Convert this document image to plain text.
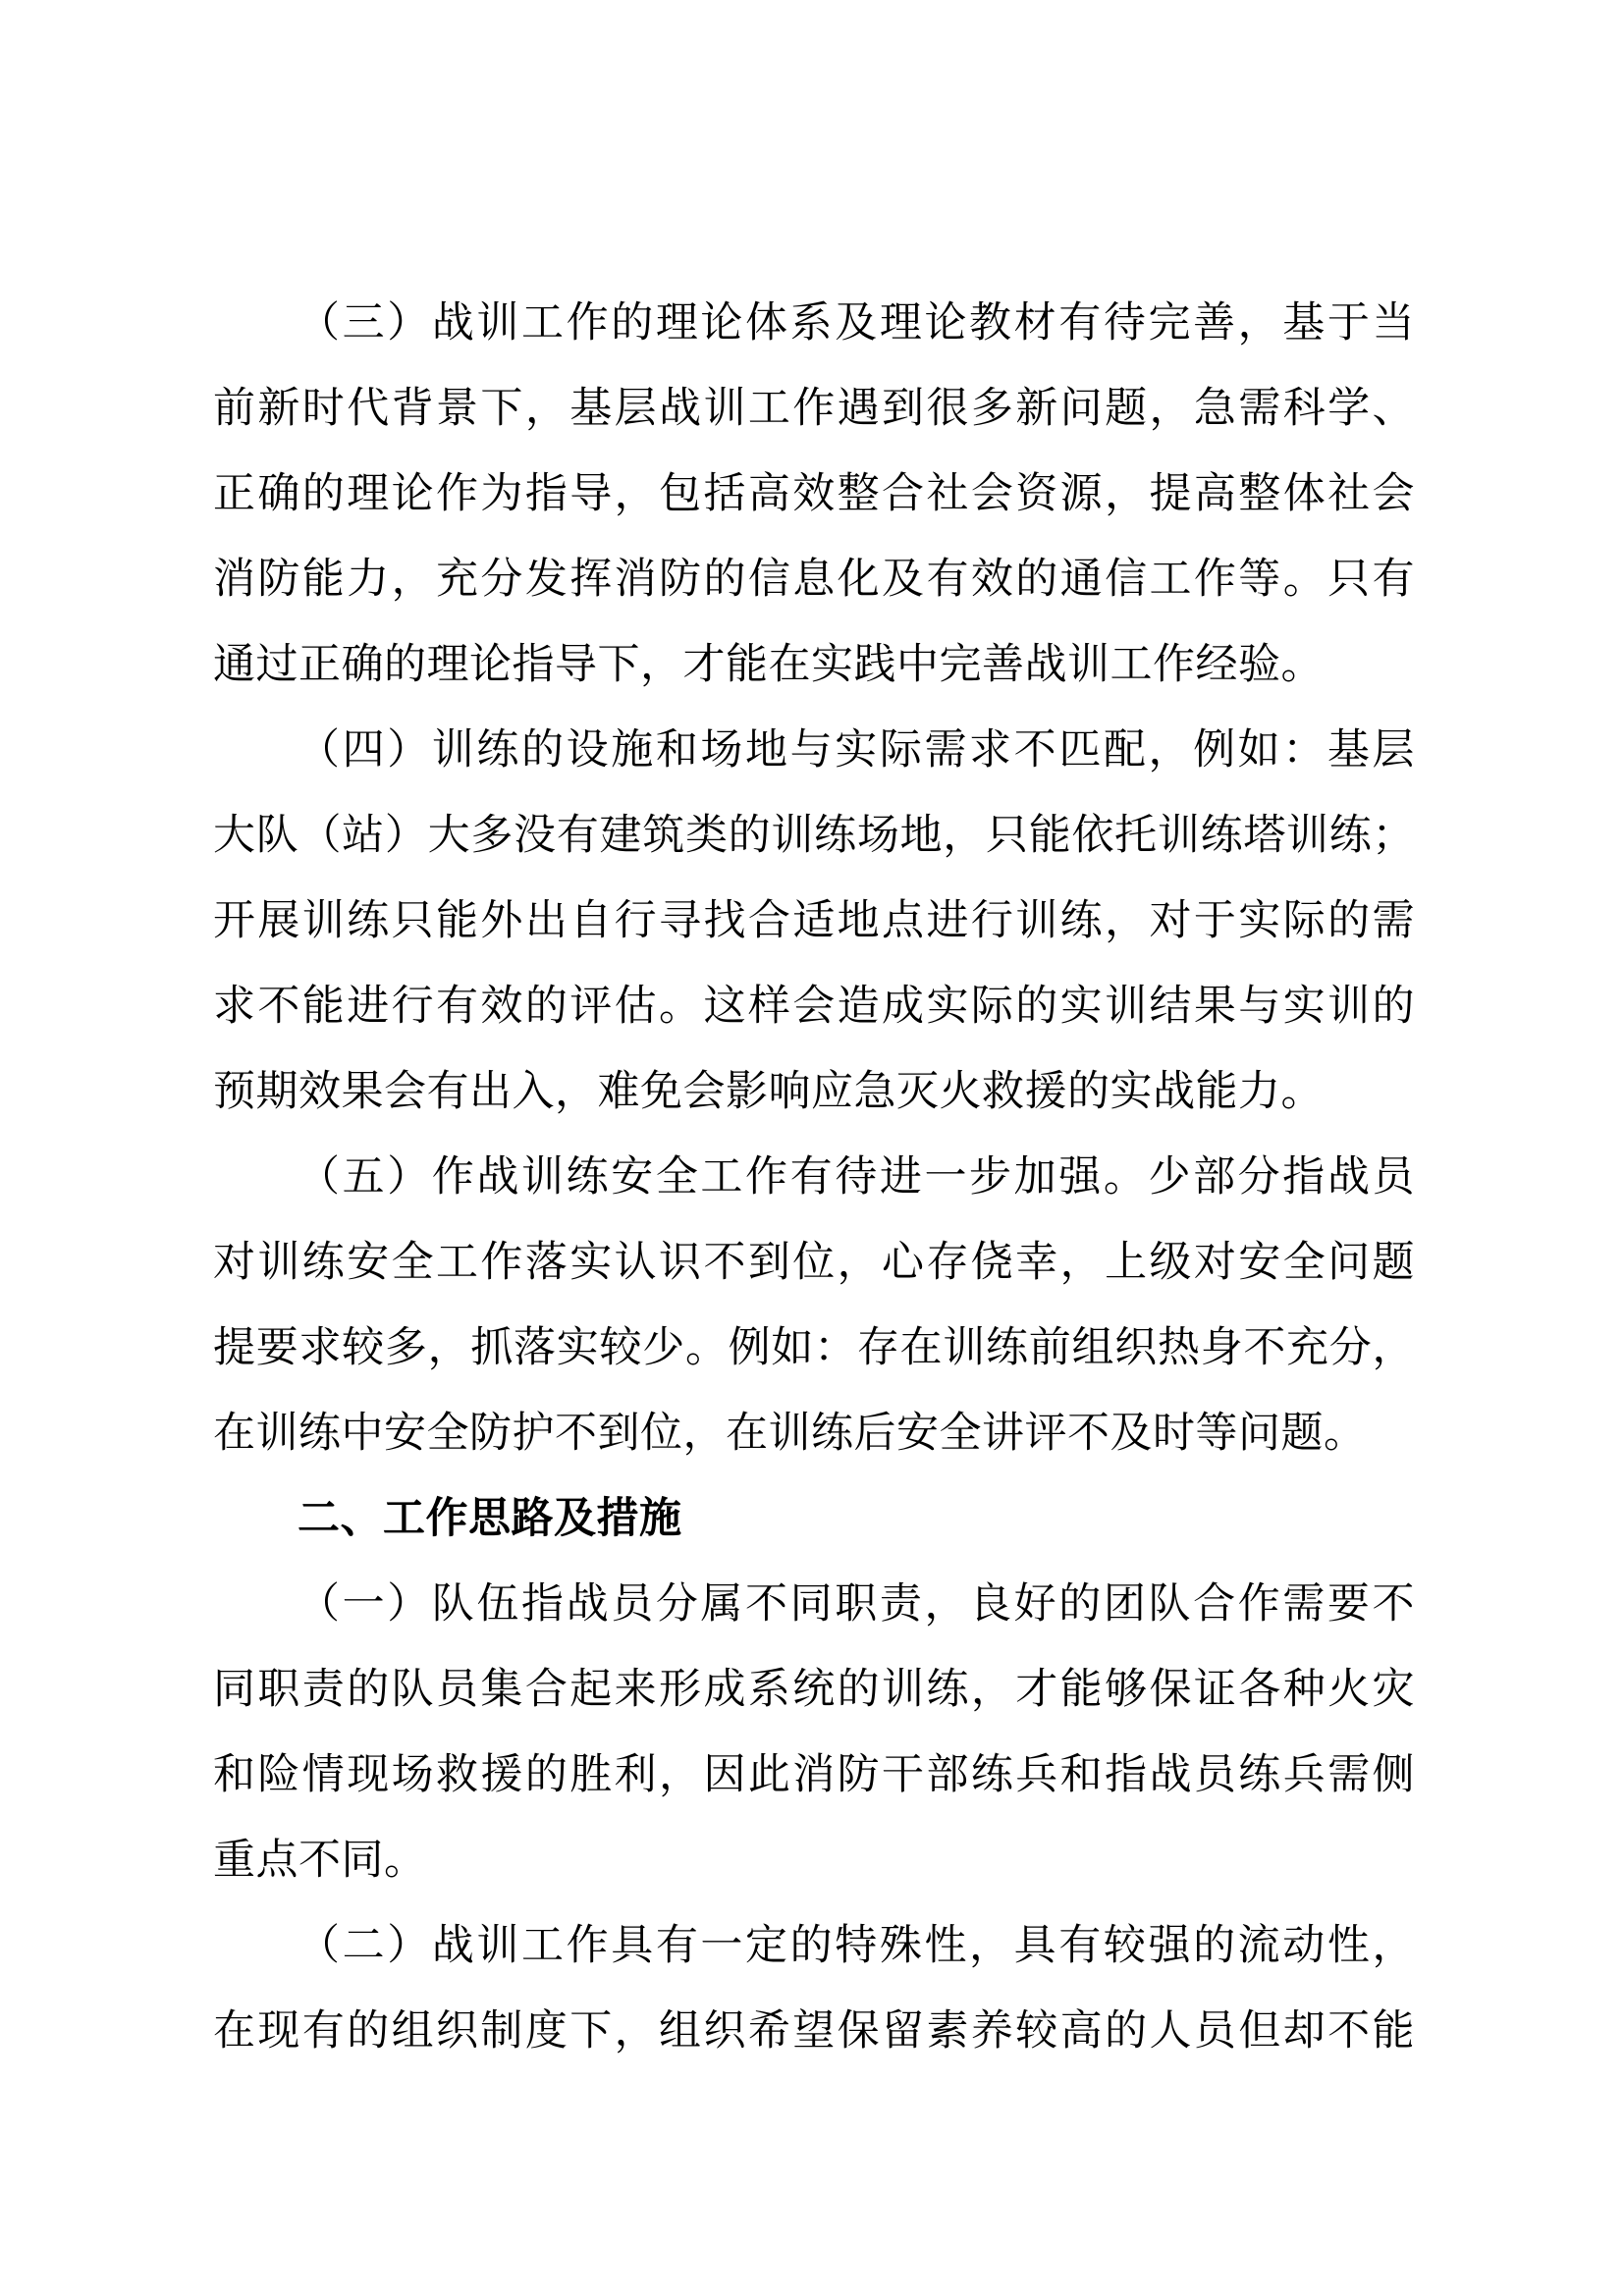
（三）战训工作的理论体系及理论教材有待完善，基于当
前新时代背景下，基层战训工作遇到很多新问题，急需科学、
正确的理论作为指导，包括高效整合社会资源，提高整体社会
消防能力，充分发挥消防的信息化及有效的通信工作等。只有
通过正确的理论指导下，才能在实践中完善战训工作经验。
（四）训练的设施和场地与实际需求不匹配，例如：基层
大队（站）大多没有建筑类的训练场地，只能依托训练塔训练；
开展训练只能外出自行寻找合适地点进行训练，对于实际的需
求不能进行有效的评估。这样会造成实际的实训结果与实训的
预期效果会有出入，难免会影响应急灭火救援的实战能力。
（五）作战训练安全工作有待进一步加强。少部分指战员
对训练安全工作落实认识不到位，心存侥幸，上级对安全问题
提要求较多，抓落实较少。例如：存在训练前组织热身不充分，
在训练中安全防护不到位，在训练后安全讲评不及时等问题。
二、工作思路及措施
（一）队伍指战员分属不同职责，良好的团队合作需要不
同职责的队员集合起来形成系统的训练，才能够保证各种火灾
和险情现场救援的胜利，因此消防干部练兵和指战员练兵需侧
重点不同。
（二）战训工作具有一定的特殊性，具有较强的流动性，
在现有的组织制度下，组织希望保留素养较高的人员但却不能
